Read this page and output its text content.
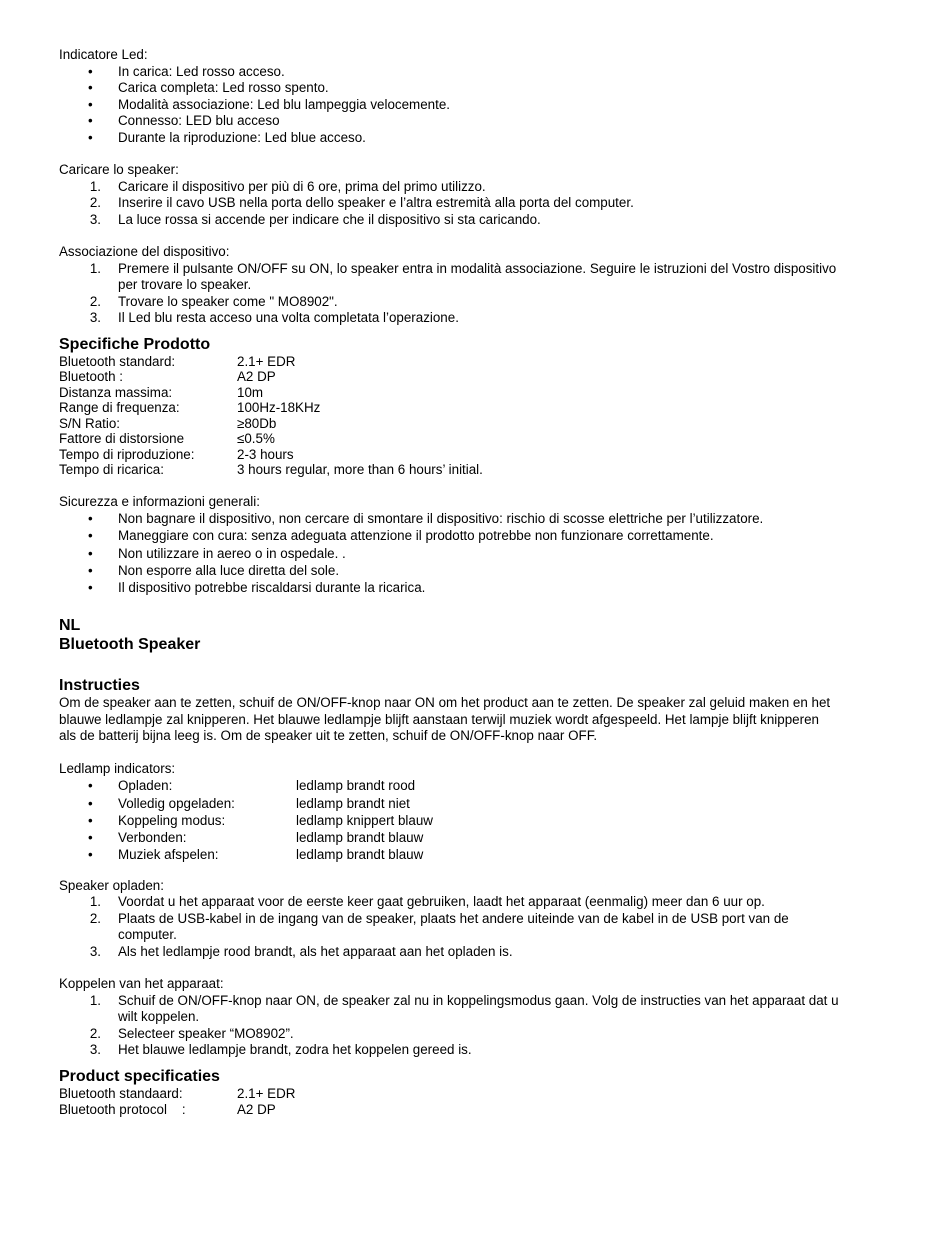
Indicatore Led:

• In carica: Led rosso acceso.
• Carica completa: Led rosso spento.
• Modalità associazione: Led blu lampeggia velocemente.
• Connesso: LED blu acceso
• Durante la riproduzione: Led blue acceso.

Caricare lo speaker:

1. Caricare il dispositivo per più di 6 ore, prima del primo utilizzo.
2. Inserire il cavo USB nella porta dello speaker e l’altra estremità alla porta del computer.
3. La luce rossa si accende per indicare che il dispositivo si sta caricando.

Associazione del dispositivo:

1. Premere il pulsante ON/OFF su ON, lo speaker entra in modalità associazione. Seguire le istruzioni del Vostro dispositivo per trovare lo speaker.
2. Trovare lo speaker come " MO8902".
3. Il Led blu resta acceso una volta completata l’operazione.

Specifiche Prodotto

Bluetooth standard:	2.1+ EDR
Bluetooth :	A2 DP
Distanza massima:	10m
Range di frequenza:	100Hz-18KHz
S/N Ratio:	≥80Db
Fattore di distorsione	≤0.5%
Tempo di riproduzione:	2-3 hours
Tempo di ricarica:	3 hours regular, more than 6 hours’ initial.

Sicurezza e informazioni generali:

• Non bagnare il dispositivo, non cercare di smontare il dispositivo: rischio di scosse elettriche per l’utilizzatore.
• Maneggiare con cura: senza adeguata attenzione il prodotto potrebbe non funzionare correttamente.
• Non utilizzare in aereo o in ospedale. .
• Non esporre alla luce diretta del sole.
• Il dispositivo potrebbe riscaldarsi durante la ricarica.

NL

Bluetooth Speaker

Instructies

Om de speaker aan te zetten, schuif de ON/OFF-knop naar ON om het product aan te zetten. De speaker zal geluid maken en het blauwe ledlampje zal knipperen. Het blauwe ledlampje blijft aanstaan terwijl muziek wordt afgespeeld. Het lampje blijft knipperen als de batterij bijna leeg is. Om de speaker uit te zetten, schuif de ON/OFF-knop naar OFF.

Ledlamp indicators:

• Opladen:	ledlamp brandt rood
• Volledig opgeladen:	ledlamp brandt niet
• Koppeling modus:	ledlamp knippert blauw
• Verbonden:	ledlamp brandt blauw
• Muziek afspelen:	ledlamp brandt blauw

Speaker opladen:

1. Voordat u het apparaat voor de eerste keer gaat gebruiken, laadt het apparaat (eenmalig) meer dan 6 uur op.
2. Plaats de USB-kabel in de ingang van de speaker, plaats het andere uiteinde van de kabel in de USB port van de computer.
3. Als het ledlampje rood brandt, als het apparaat aan het opladen is.

Koppelen van het apparaat:

1. Schuif de ON/OFF-knop naar ON, de speaker zal nu in koppelingsmodus gaan. Volg de instructies van het apparaat dat u wilt koppelen.
2. Selecteer speaker “MO8902”.
3. Het blauwe ledlampje brandt, zodra het koppelen gereed is.

Product specificaties

Bluetooth standaard:	2.1+ EDR
Bluetooth protocol    :	A2 DP
